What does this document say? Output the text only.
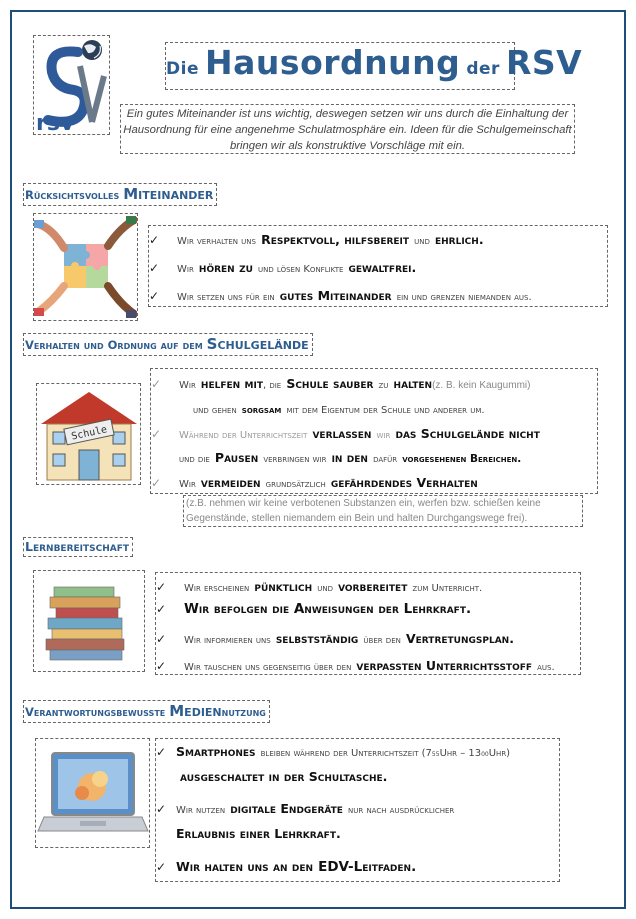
rsv
Die Hausordnung der RSV
Ein gutes Miteinander ist uns wichtig, deswegen setzen wir uns durch die Einhaltung der Hausordnung für eine angenehme Schulatmosphäre ein. Ideen für die Schulgemeinschaft bringen wir als konstruktive Vorschläge mit ein.
Rücksichtsvolles Miteinander
✓	Wir verhalten uns
Respektvoll, hilfsbereit
und
ehrlich.
✓	Wir
hören zu
und lösen Konflikte
gewaltfrei.
✓	Wir setzen uns für ein
gutes Miteinander
ein und grenzen niemanden aus.
Verhalten und Ordnung auf dem Schulgelände
Schule
✓	Wir
helfen mit , die
Schule sauber
zu
halten (z. B. kein Kaugummi)
und gehen
sorgsam
mit dem Eigentum der Schule und anderer um.
✓	Während der Unterrichtszeit
verlassen
wir
das Schulgelände nicht
und die
Pausen
verbringen wir
in den
dafür
vorgesehenen Bereichen.
✓	Wir
vermeiden
grundsätzlich
gefährdendes Verhalten
(z.B. nehmen wir keine verbotenen Substanzen ein, werfen bzw. schießen keine Gegenstände, stellen niemandem ein Bein und halten Durchgangswege frei).
Lernbereitschaft
✓	Wir erscheinen
pünktlich
und
vorbereitet
zum Unterricht.
✓ Wir befolgen die Anweisungen der Lehrkraft.
✓	Wir informieren uns
selbstständig
über den
Vertretungsplan.
✓	Wir tauschen uns gegenseitig über den
verpassten Unterrichtsstoff
aus.
Verantwortungsbewusste Mediennutzung
✓ Smartphones
bleiben während der Unterrichtszeit (7 55 Uhr – 13 00 Uhr)
ausgeschaltet in der Schultasche.
✓ Wir nutzen
digitale Endgeräte
nur nach ausdrücklicher
Erlaubnis einer Lehrkraft.
✓ Wir halten uns an den
EDV-Leitfaden.
